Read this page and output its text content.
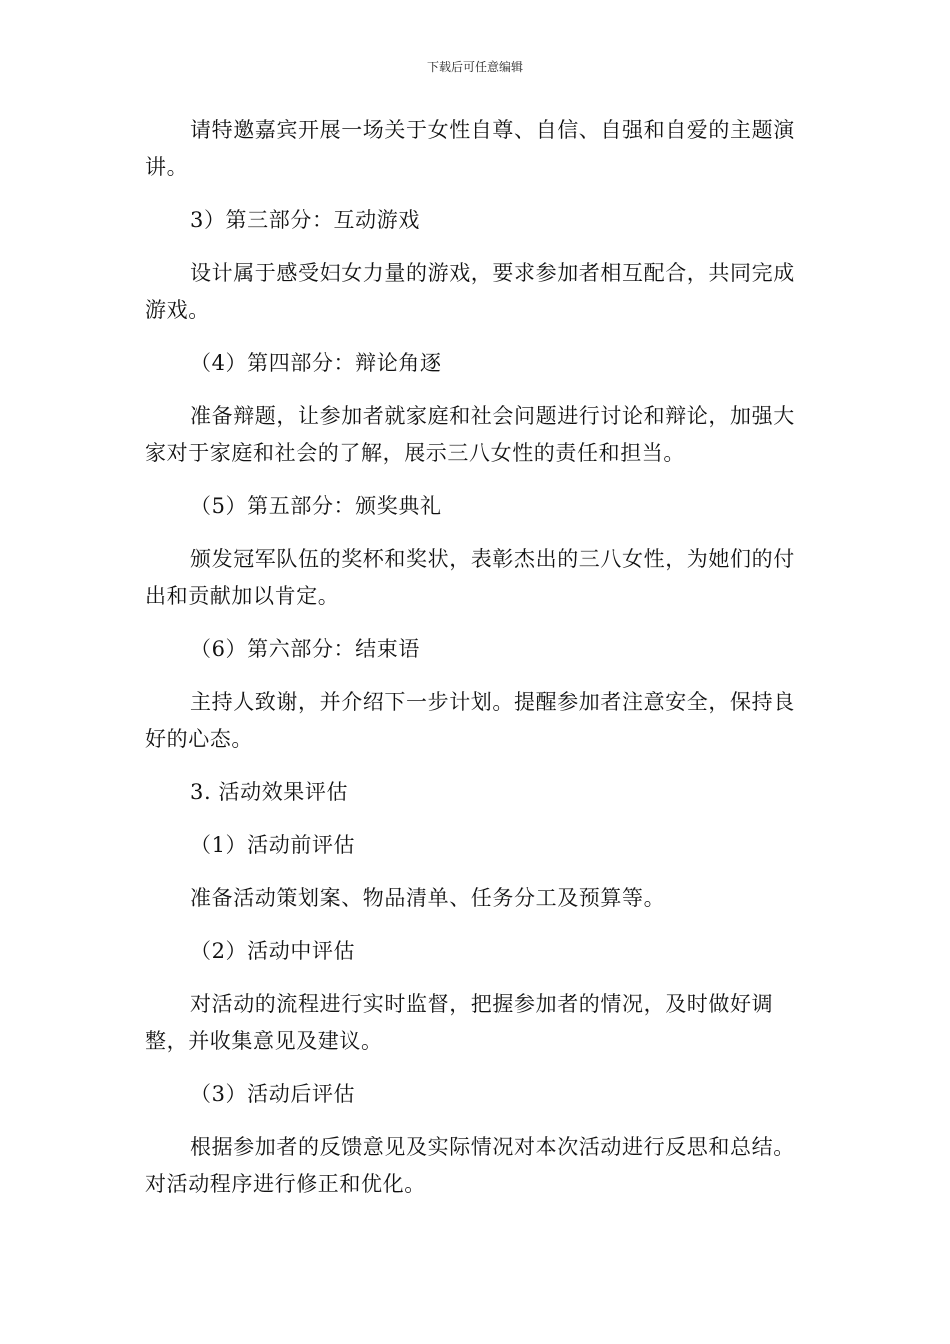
下载后可任意编辑

请特邀嘉宾开展一场关于女性自尊、自信、自强和自爱的主题演讲。

3）第三部分：互动游戏

设计属于感受妇女力量的游戏，要求参加者相互配合，共同完成游戏。

（4）第四部分：辩论角逐

准备辩题，让参加者就家庭和社会问题进行讨论和辩论，加强大家对于家庭和社会的了解，展示三八女性的责任和担当。

（5）第五部分：颁奖典礼

颁发冠军队伍的奖杯和奖状，表彰杰出的三八女性，为她们的付出和贡献加以肯定。

（6）第六部分：结束语

主持人致谢，并介绍下一步计划。提醒参加者注意安全，保持良好的心态。

3. 活动效果评估

（1）活动前评估

准备活动策划案、物品清单、任务分工及预算等。

（2）活动中评估

对活动的流程进行实时监督，把握参加者的情况，及时做好调整，并收集意见及建议。

（3）活动后评估

根据参加者的反馈意见及实际情况对本次活动进行反思和总结。对活动程序进行修正和优化。
